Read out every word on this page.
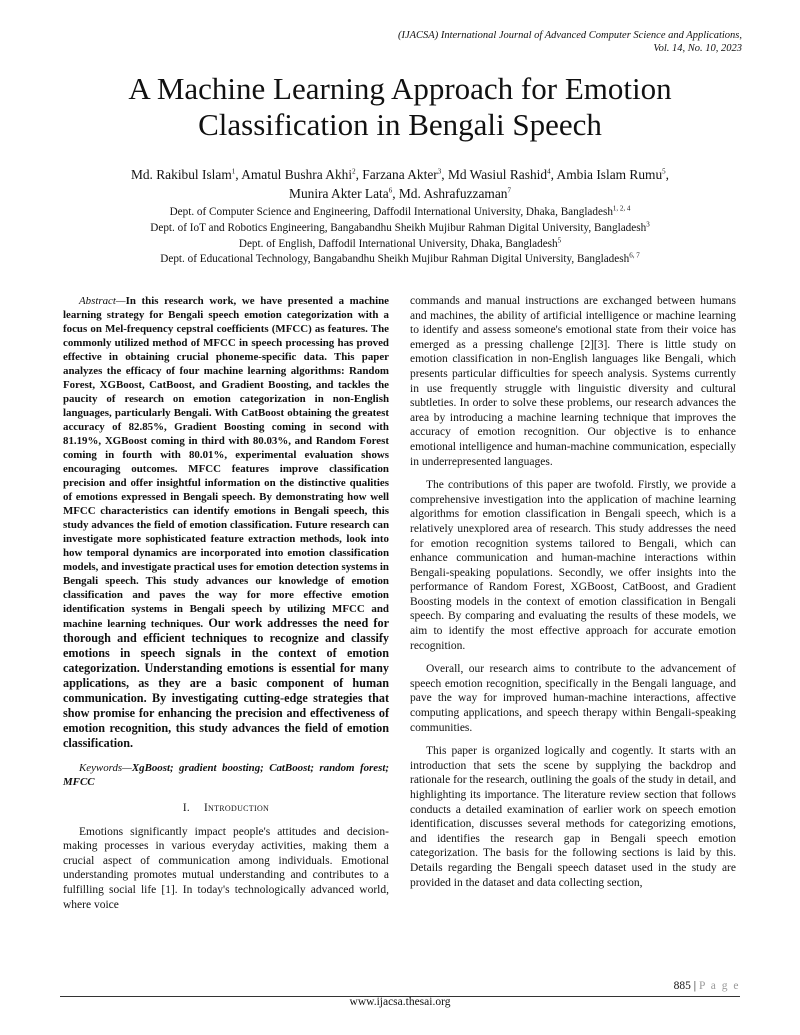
(IJACSA) International Journal of Advanced Computer Science and Applications,
Vol. 14, No. 10, 2023
A Machine Learning Approach for Emotion
Classification in Bengali Speech
Md. Rakibul Islam$^1$, Amatul Bushra Akhi$^2$, Farzana Akter$^3$, Md Wasiul Rashid$^4$, Ambia Islam Rumu$^5$,
Munira Akter Lata$^6$, Md. Ashrafuzzaman$^7$
Dept. of Computer Science and Engineering, Daffodil International University, Dhaka, Bangladesh$^{1, 2, 4}$
Dept. of IoT and Robotics Engineering, Bangabandhu Sheikh Mujibur Rahman Digital University, Bangladesh$^3$
Dept. of English, Daffodil International University, Dhaka, Bangladesh$^5$
Dept. of Educational Technology, Bangabandhu Sheikh Mujibur Rahman Digital University, Bangladesh$^{6, 7}$

Abstract—In this research work, we have presented a machine learning strategy for Bengali speech emotion categorization with a focus on Mel-frequency cepstral coefficients (MFCC) as features. The commonly utilized method of MFCC in speech processing has proved effective in obtaining crucial phoneme-specific data. This paper analyzes the efficacy of four machine learning algorithms: Random Forest, XGBoost, CatBoost, and Gradient Boosting, and tackles the paucity of research on emotion categorization in non-English languages, particularly Bengali. With CatBoost obtaining the greatest accuracy of 82.85%, Gradient Boosting coming in second with 81.19%, XGBoost coming in third with 80.03%, and Random Forest coming in fourth with 80.01%, experimental evaluation shows encouraging outcomes. MFCC features improve classification precision and offer insightful information on the distinctive qualities of emotions expressed in Bengali speech. By demonstrating how well MFCC characteristics can identify emotions in Bengali speech, this study advances the field of emotion classification. Future research can investigate more sophisticated feature extraction methods, look into how temporal dynamics are incorporated into emotion classification models, and investigate practical uses for emotion detection systems in Bengali speech. This study advances our knowledge of emotion classification and paves the way for more effective emotion identification systems in Bengali speech by utilizing MFCC and machine learning techniques. Our work addresses the need for thorough and efficient techniques to recognize and classify emotions in speech signals in the context of emotion categorization. Understanding emotions is essential for many applications, as they are a basic component of human communication. By investigating cutting-edge strategies that show promise for enhancing the precision and effectiveness of emotion recognition, this study advances the field of emotion classification.

Keywords—XgBoost; gradient boosting; CatBoost; random forest; MFCC

I. Introduction

Emotions significantly impact people's attitudes and decision-making processes in various everyday activities, making them a crucial aspect of communication among individuals. Emotional understanding promotes mutual understanding and contributes to a fulfilling social life [1]. In today's technologically advanced world, where voice

commands and manual instructions are exchanged between humans and machines, the ability of artificial intelligence or machine learning to identify and assess someone's emotional state from their voice has emerged as a pressing challenge [2][3]. There is little study on emotion classification in non-English languages like Bengali, which presents particular difficulties for speech analysis. Systems currently in use frequently struggle with linguistic diversity and cultural subtleties. In order to solve these problems, our research advances the area by introducing a machine learning technique that improves the accuracy of emotion recognition. Our objective is to enhance emotional intelligence and human-machine communication, especially in underrepresented languages.

The contributions of this paper are twofold. Firstly, we provide a comprehensive investigation into the application of machine learning algorithms for emotion classification in Bengali speech, which is a relatively unexplored area of research. This study addresses the need for emotion recognition systems tailored to Bengali, which can enhance communication and human-machine interactions within Bengali-speaking populations. Secondly, we offer insights into the performance of Random Forest, XGBoost, CatBoost, and Gradient Boosting models in the context of emotion classification in Bengali speech. By comparing and evaluating the results of these models, we aim to identify the most effective approach for accurate emotion recognition.

Overall, our research aims to contribute to the advancement of speech emotion recognition, specifically in the Bengali language, and pave the way for improved human-machine interactions, affective computing applications, and speech therapy within Bengali-speaking communities.

This paper is organized logically and cogently. It starts with an introduction that sets the scene by supplying the backdrop and rationale for the research, outlining the goals of the study in detail, and highlighting its importance. The literature review section that follows conducts a detailed examination of earlier work on speech emotion identification, discusses several methods for categorizing emotions, and identifies the research gap in Bengali speech emotion categorization. The basis for the following sections is laid by this. Details regarding the Bengali speech dataset used in the study are provided in the dataset and data collecting section,

885 | P a g e
www.ijacsa.thesai.org
